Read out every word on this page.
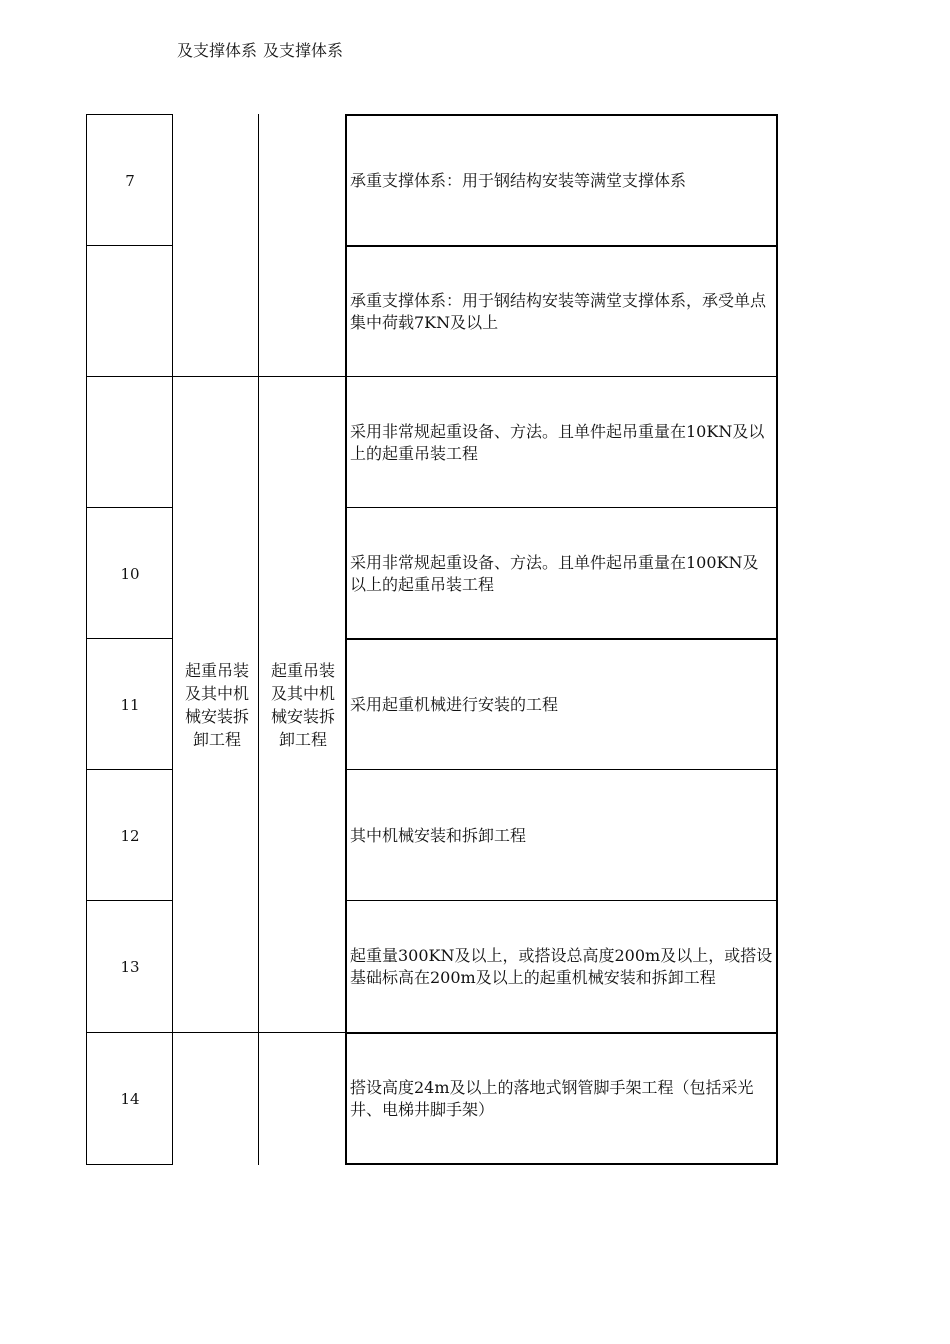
及支撑体系 及支撑体系
7
10
11
12
13
14
起重吊装及其中机械安装拆卸工程
起重吊装及其中机械安装拆卸工程
承重支撑体系：用于钢结构安装等满堂支撑体系
承重支撑体系：用于钢结构安装等满堂支撑体系，承受单点集中荷载7KN及以上
采用非常规起重设备、方法。且单件起吊重量在10KN及以上的起重吊装工程
采用非常规起重设备、方法。且单件起吊重量在100KN及以上的起重吊装工程
采用起重机械进行安装的工程
其中机械安装和拆卸工程
起重量300KN及以上，或搭设总高度200m及以上，或搭设基础标高在200m及以上的起重机械安装和拆卸工程
搭设高度24m及以上的落地式钢管脚手架工程（包括采光井、电梯井脚手架）
